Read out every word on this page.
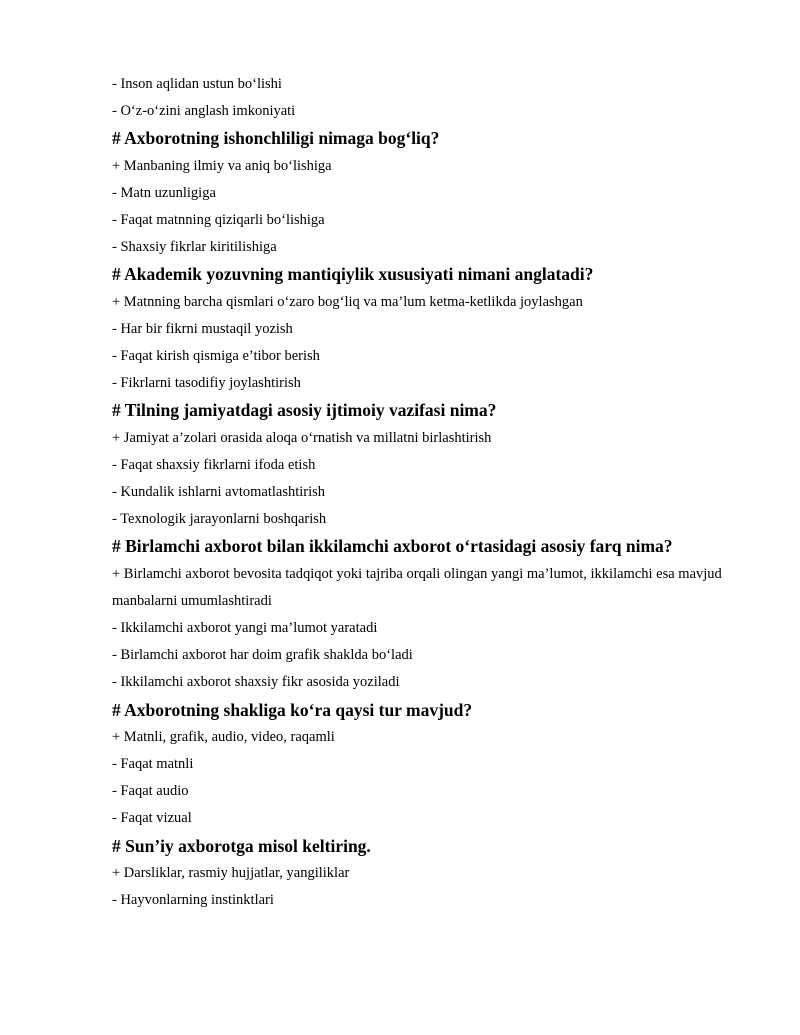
- Inson aqlidan ustun bo‘lishi
- O‘z-o‘zini anglash imkoniyati
# Axborotning ishonchliligi nimaga bog‘liq?
+ Manbaning ilmiy va aniq bo‘lishiga
- Matn uzunligiga
- Faqat matnning qiziqarli bo‘lishiga
- Shaxsiy fikrlar kiritilishiga
# Akademik yozuvning mantiqiylik xususiyati nimani anglatadi?
+ Matnning barcha qismlari o‘zaro bog‘liq va ma’lum ketma-ketlikda joylashgan
- Har bir fikrni mustaqil yozish
- Faqat kirish qismiga e’tibor berish
- Fikrlarni tasodifiy joylashtirish
# Tilning jamiyatdagi asosiy ijtimoiy vazifasi nima?
+ Jamiyat a’zolari orasida aloqa o‘rnatish va millatni birlashtirish
- Faqat shaxsiy fikrlarni ifoda etish
- Kundalik ishlarni avtomatlashtirish
- Texnologik jarayonlarni boshqarish
# Birlamchi axborot bilan ikkilamchi axborot o‘rtasidagi asosiy farq nima?
+ Birlamchi axborot bevosita tadqiqot yoki tajriba orqali olingan yangi ma’lumot, ikkilamchi esa mavjud manbalarni umumlashtiradi
- Ikkilamchi axborot yangi ma’lumot yaratadi
- Birlamchi axborot har doim grafik shaklda bo‘ladi
- Ikkilamchi axborot shaxsiy fikr asosida yoziladi
# Axborotning shakliga ko‘ra qaysi tur mavjud?
+ Matnli, grafik, audio, video, raqamli
- Faqat matnli
- Faqat audio
- Faqat vizual
# Sun’iy axborotga misol keltiring.
+ Darsliklar, rasmiy hujjatlar, yangiliklar
- Hayvonlarning instinktlari
